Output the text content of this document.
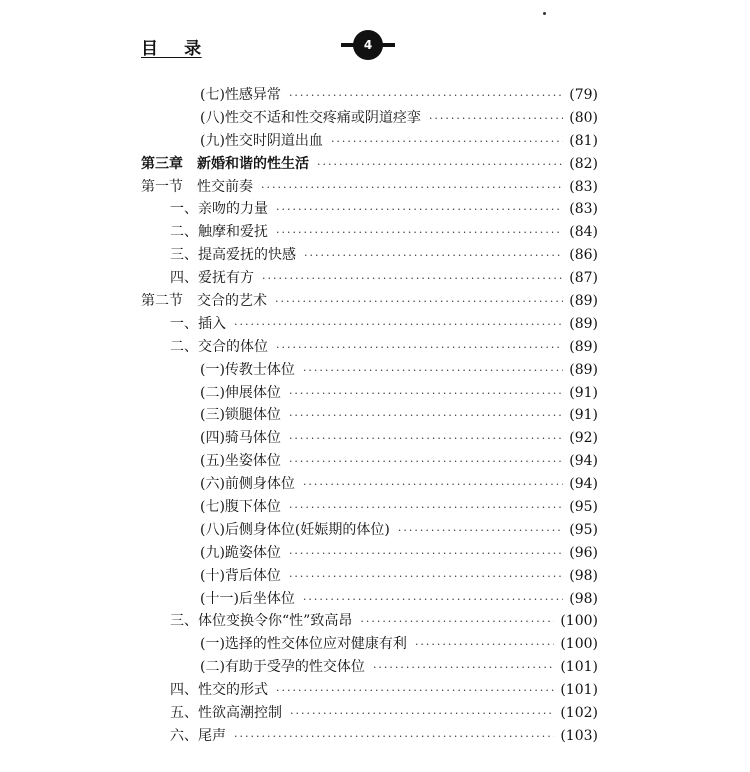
目    录	4
(七)性感异常 ·····	(79)
(八)性交不适和性交疼痛或阴道痉挛 ·····	(80)
(九)性交时阴道出血 ·····	(81)
第三章　新婚和谐的性生活 ·····	(82)
第一节　性交前奏 ·····	(83)
一、亲吻的力量 ·····	(83)
二、触摩和爱抚 ·····	(84)
三、提高爱抚的快感 ·····	(86)
四、爱抚有方 ·····	(87)
第二节　交合的艺术 ·····	(89)
一、插入 ·····	(89)
二、交合的体位 ·····	(89)
(一)传教士体位 ·····	(89)
(二)伸展体位 ·····	(91)
(三)锁腿体位 ·····	(91)
(四)骑马体位 ·····	(92)
(五)坐姿体位 ·····	(94)
(六)前侧身体位 ·····	(94)
(七)腹下体位 ·····	(95)
(八)后侧身体位(妊娠期的体位) ·····	(95)
(九)跪姿体位 ·····	(96)
(十)背后体位 ·····	(98)
(十一)后坐体位 ·····	(98)
三、体位变换令你“性”致高昂 ·····	(100)
(一)选择的性交体位应对健康有利 ·····	(100)
(二)有助于受孕的性交体位 ·····	(101)
四、性交的形式 ·····	(101)
五、性欲高潮控制 ·····	(102)
六、尾声 ·····	(103)
